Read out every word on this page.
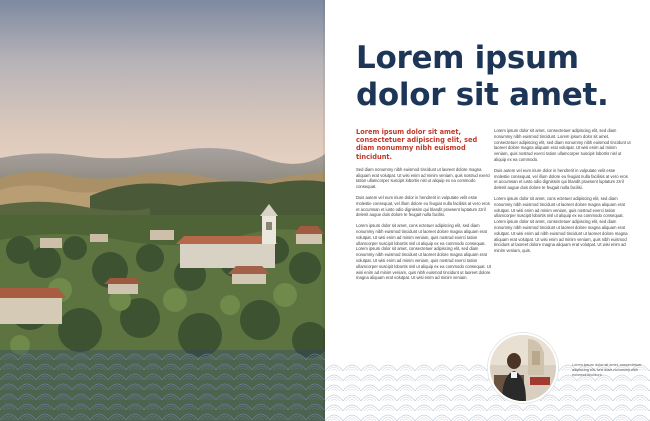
Lorem ipsum dolor sit amet.

Lorem ipsum dolor sit amet, consectetuer adipiscing elit, sed diam nonummy nibh euismod tincidunt.

Sed diam nonummy nibh euismod tincidunt ut laoreet dolore magna aliquam erat volutpat. Ut wisi enim ad minim veniam, quis nostrud exerci tation ullamcorper suscipit lobortis nisl ut aliquip ex ea commodo consequat.

Duis autem vel eum iriure dolor in hendrerit in vulputate velit esse molestie consequat, vel illum dolore eu feugiat nulla facilisis at vero eros et accumsan et iusto odio dignissim qui blandit praesent luptatum zzril delenit augue duis dolore te feugait nulla facilisi.

Lorem ipsum dolor sit amet, cons ectetuer adipiscing elit, sed diam nonummy nibh euismod tincidunt ut laoreet dolore magna aliquam erat volutpat. Ut wisi enim ad minim veniam, quis nostrud exerci tation ullamcorper suscipit lobortis nisl ut aliquip ex ea commodo consequat. Lorem ipsum dolor sit amet, consectetuer adipiscing elit, sed diam nonummy nibh euismod tincidunt ut laoreet dolore magna aliquam erat volutpat. Ut wisi enim ad minim veniam, quis nostrud exerci tation ullamcorper suscipit lobortis nisl ut aliquip ex ea commodo consequat. Ut wisi enim ad minim veniam, quis nibh euismod tincidunt ut laoreet dolore magna aliquam erat volutpat. Ut wisi enim ad minim veniam.

Lorem ipsum dolor sit amet, consectetuer adipiscing elit, sed diam nonummy nibh euismod tincidunt. Lorem ipsum dolor sit amet, consectetuer adipiscing elit, sed diam nonummy nibh euismod tincidunt ut laoreet dolore magna aliquam erat volutpat. Ut wisi enim ad minim veniam, quis nostrud exerci tation ullamcorper suscipit lobortis nisl ut aliquip ex ea commodo.

Duis autem vel eum iriure dolor in hendrerit in vulputate velit esse molestie consequat, vel illum dolore eu feugiat nulla facilisis at vero eros et accumsan et iusto odio dignissim qui blandit praesent luptatum zzril delenit augue duis dolore te feugait nulla facilisi.

Lorem ipsum dolor sit amet, cons ectetuer adipiscing elit, sed diam nonummy nibh euismod tincidunt ut laoreet dolore magna aliquam erat volutpat. Ut wisi enim ad minim veniam, quis nostrud exerci tation ullamcorper suscipit lobortis nisl ut aliquip ex ea commodo consequat. Lorem ipsum dolor sit amet, consectetuer adipiscing elit, sed diam nonummy nibh euismod tincidunt ut laoreet dolore magna aliquam erat volutpat. Ut wisi enim ad nibh euismod tincidunt ut laoreet dolore magna aliquam erat volutpat. Ut wisi enim ad minim veniam, quis nibh euismod tincidunt ut laoreet dolore magna aliquam erat volutpat. Ut wisi enim ad minim veniam, quis.

Lorem ipsum dolor sit amet, consectetuer adipiscing elit, sed diam nonummy nibh euismod tincidunt.
